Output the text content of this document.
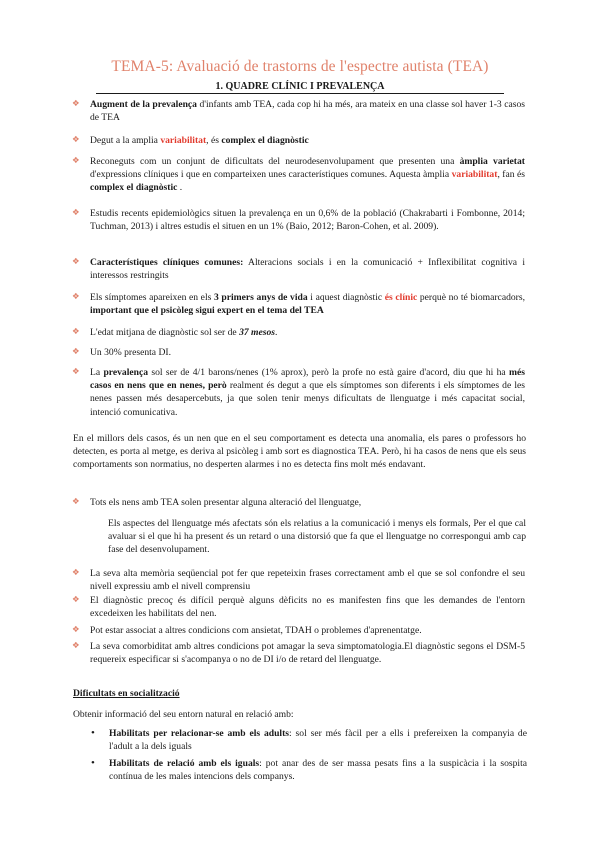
TEMA-5: Avaluació de trastorns de l'espectre autista (TEA)
1. QUADRE CLÍNIC I PREVALENÇA
❖ Augment de la prevalença d'infants amb TEA, cada cop hi ha més, ara mateix en una classe sol haver 1-3 casos de TEA
❖ Degut a la amplia variabilitat, és complex el diagnòstic
❖ Reconeguts com un conjunt de dificultats del neurodesenvolupament que presenten una àmplia varietat d'expressions clíniques i que en comparteixen unes característiques comunes. Aquesta àmplia variabilitat, fan és complex el diagnòstic .
❖ Estudis recents epidemiològics situen la prevalença en un 0,6% de la població (Chakrabarti i Fombonne, 2014; Tuchman, 2013) i altres estudis el situen en un 1% (Baio, 2012; Baron-Cohen, et al. 2009).
❖ Característiques clíniques comunes: Alteracions socials i en la comunicació + Inflexibilitat cognitiva i interessos restringits
❖ Els símptomes apareixen en els 3 primers anys de vida i aquest diagnòstic és clínic perquè no té biomarcadors, important que el psicòleg sigui expert en el tema del TEA
❖ L'edat mitjana de diagnòstic sol ser de 37 mesos.
❖ Un 30% presenta DI.
❖ La prevalença sol ser de 4/1 barons/nenes (1% aprox), però la profe no està gaire d'acord, diu que hi ha més casos en nens que en nenes, però realment és degut a que els símptomes son diferents i els símptomes de les nenes passen més desapercebuts, ja que solen tenir menys dificultats de llenguatge i més capacitat social, intenció comunicativa.
En el millors dels casos, és un nen que en el seu comportament es detecta una anomalia, els pares o professors ho detecten, es porta al metge, es deriva al psicòleg i amb sort es diagnostica TEA. Però, hi ha casos de nens que els seus comportaments son normatius, no desperten alarmes i no es detecta fins molt més endavant.
❖ Tots els nens amb TEA solen presentar alguna alteració del llenguatge,
Els aspectes del llenguatge més afectats són els relatius a la comunicació i menys els formals, Per el que cal avaluar si el que hi ha present és un retard o una distorsió que fa que el llenguatge no correspongui amb cap fase del desenvolupament.
❖ La seva alta memòria seqüencial pot fer que repeteixin frases correctament amb el que se sol confondre el seu nivell expressiu amb el nivell comprensiu
❖ El diagnòstic precoç és difícil perquè alguns dèficits no es manifesten fins que les demandes de l'entorn excedeixen les habilitats del nen.
❖ Pot estar associat a altres condicions com ansietat, TDAH o problemes d'aprenentatge.
❖ La seva comorbiditat amb altres condicions pot amagar la seva simptomatologia.El diagnòstic segons el DSM-5 requereix especificar si s'acompanya o no de DI i/o de retard del llenguatge.
Dificultats en socialització
Obtenir informació del seu entorn natural en relació amb:
• Habilitats per relacionar-se amb els adults: sol ser més fàcil per a ells i prefereixen la companyia de l'adult a la dels iguals
• Habilitats de relació amb els iguals: pot anar des de ser massa pesats fins a la suspicàcia i la sospita contínua de les males intencions dels companys.
